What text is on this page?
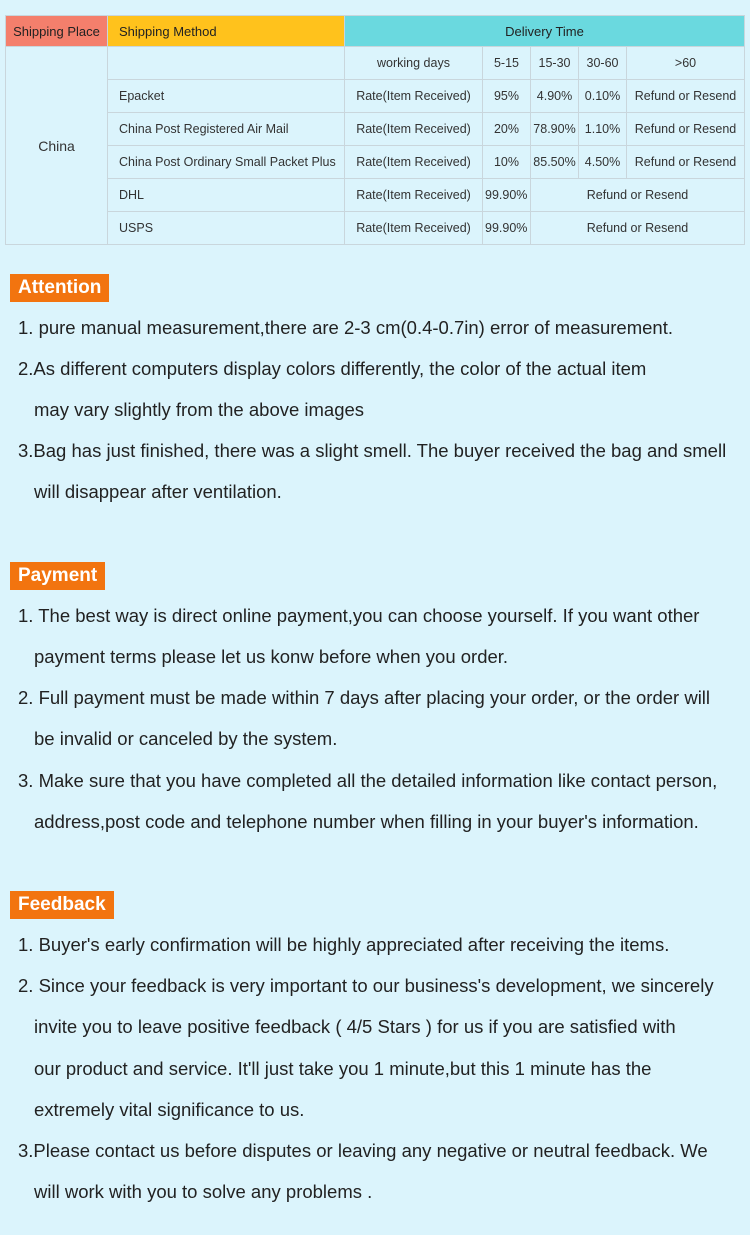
Shipping Place	Shipping Method	Delivery Time				
China		working days	5-15	15-30	30-60	>60
	Epacket	Rate(Item Received)	95%	4.90%	0.10%	Refund or Resend
	China Post Registered Air Mail	Rate(Item Received)	20%	78.90%	1.10%	Refund or Resend
	China Post Ordinary Small Packet Plus	Rate(Item Received)	10%	85.50%	4.50%	Refund or Resend
	DHL	Rate(Item Received)	99.90%	Refund or Resend		
	USPS	Rate(Item Received)	99.90%	Refund or Resend		
Attention
1. pure manual measurement,there are 2-3 cm(0.4-0.7in) error of measurement.
2.As different computers display colors differently, the color of the actual item
may vary slightly from the above images
3.Bag has just finished, there was a slight smell. The buyer received the bag and smell
will disappear after ventilation.
Payment
1. The best way is direct online payment,you can choose yourself. If you want other
payment terms please let us konw before when you order.
2. Full payment must be made within 7 days after placing your order, or the order will
be invalid or canceled by the system.
3. Make sure that you have completed all the detailed information like contact person,
address,post code and telephone number when filling in your buyer's information.
Feedback
1. Buyer's early confirmation will be highly appreciated after receiving the items.
2. Since your feedback is very important to our business's development, we sincerely
invite you to leave positive feedback ( 4/5 Stars ) for us if you are satisfied with
our product and service. It'll just take you 1 minute,but this 1 minute has the
extremely vital significance to us.
3.Please contact us before disputes or leaving any negative or neutral feedback. We
will work with you to solve any problems .
